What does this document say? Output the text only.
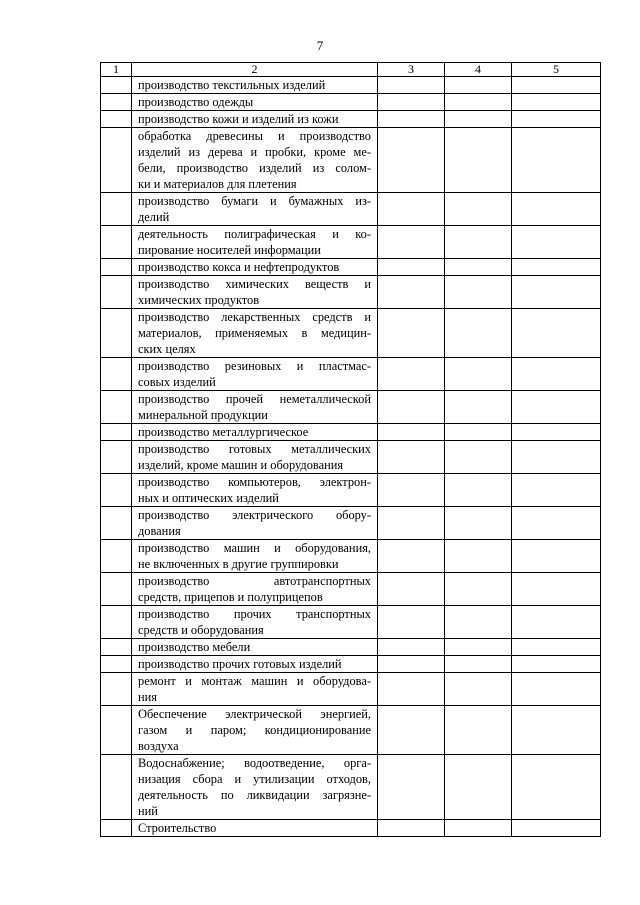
7
1	2	3	4	5

	производство текстильных изделий			

	производство одежды			

	производство кожи и изделий из кожи			

	обработка древесины и производство
изделий из дерева и пробки, кроме ме-
бели, производство изделий из солом-
ки и материалов для плетения			

	производство бумаги и бумажных из-
делий			

	деятельность полиграфическая и ко-
пирование носителей информации			

	производство кокса и нефтепродуктов			

	производство химических веществ и
химических продуктов			

	производство лекарственных средств и
материалов, применяемых в медицин-
ских целях			

	производство резиновых и пластмас-
совых изделий			

	производство прочей неметаллической
минеральной продукции			

	производство металлургическое			

	производство готовых металлических
изделий, кроме машин и оборудования			

	производство компьютеров, электрон-
ных и оптических изделий			

	производство электрического обору-
дования			

	производство машин и оборудования,
не включенных в другие группировки			

	производство автотранспортных
средств, прицепов и полуприцепов			

	производство прочих транспортных
средств и оборудования			

	производство мебели			

	производство прочих готовых изделий			

	ремонт и монтаж машин и оборудова-
ния			

	Обеспечение электрической энергией,
газом и паром; кондиционирование
воздуха			

	Водоснабжение; водоотведение, орга-
низация сбора и утилизации отходов,
деятельность по ликвидации загрязне-
ний			

	Строительство			
